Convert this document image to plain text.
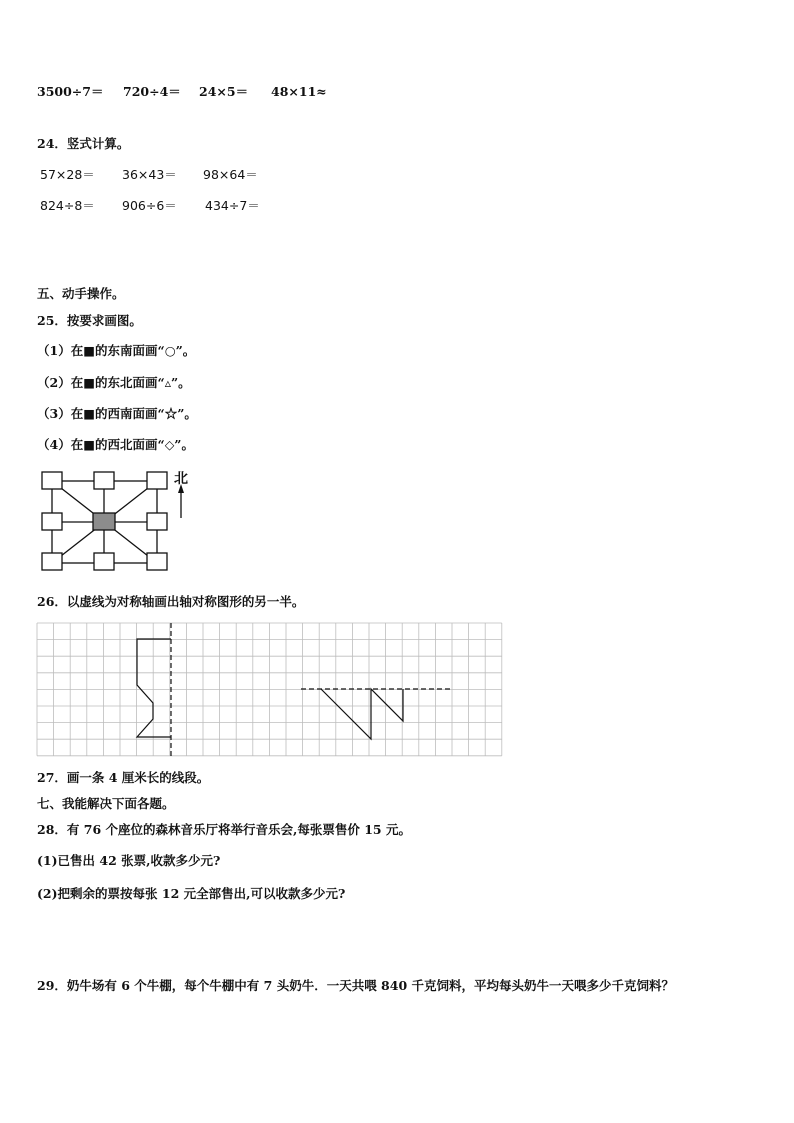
3500÷7＝ 720÷4＝ 24×5＝ 48×11≈
24．竖式计算。
57×28＝ 36×43＝ 98×64＝
824÷8＝ 906÷6＝ 434÷7＝
五、动手操作。
25．按要求画图。
（1）在■的东南面画“○”。
（2）在■的东北面画“▵”。
（3）在■的西南面画“☆”。
（4）在■的西北面画“◇”。
北
26．以虚线为对称轴画出轴对称图形的另一半。
27．画一条 4 厘米长的线段。
七、我能解决下面各题。
28．有 76 个座位的森林音乐厅将举行音乐会,每张票售价 15 元。
(1)已售出 42 张票,收款多少元?
(2)把剩余的票按每张 12 元全部售出,可以收款多少元?
29．奶牛场有 6 个牛棚，每个牛棚中有 7 头奶牛．一天共喂 840 千克饲料，平均每头奶牛一天喂多少千克饲料？
